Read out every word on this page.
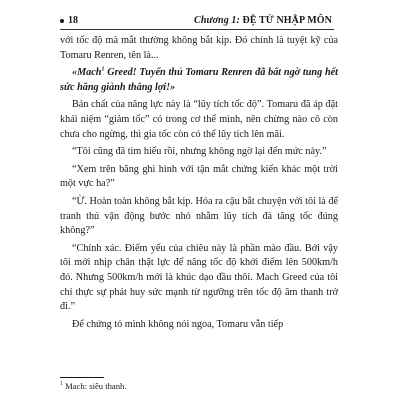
18	Chương 1: ĐỆ TỬ NHẬP MÔN

với tốc độ mà mắt thường không bắt kịp. Đó chính là tuyệt kỹ của Tomaru Renren, tên là...

«Mach$^1$ Greed! Tuyển thủ Tomaru Renren đã bất ngờ tung hết sức hăng giành thắng lợi!»

Bản chất của năng lực này là “lũy tích tốc độ”. Tomaru đã áp đặt khái niệm “giảm tốc” có trong cơ thể mình, nên chừng nào cô còn chưa cho ngừng, thì gia tốc còn có thể lũy tích lên mãi.

“Tôi cũng đã tìm hiểu rồi, nhưng không ngờ lại đến mức này.”

“Xem trên băng ghi hình với tận mắt chứng kiến khác một trời một vực ha?”

“Ừ. Hoàn toàn không bắt kịp. Hóa ra cậu bắt chuyện với tôi là để tranh thủ vận động bước nhỏ nhằm lũy tích đà tăng tốc đúng không?”

“Chính xác. Điểm yếu của chiêu này là phần mào đầu. Bởi vậy tôi mới nhịp chân thật lực để nâng tốc độ khởi điểm lên 500km/h đó. Nhưng 500km/h mới là khúc dạo đầu thôi. Mach Greed của tôi chỉ thực sự phát huy sức mạnh từ ngưỡng trên tốc độ âm thanh trở đi.”

Để chứng tỏ mình không nói ngoa, Tomaru vẫn tiếp

$^1$ Mach: siêu thanh.
